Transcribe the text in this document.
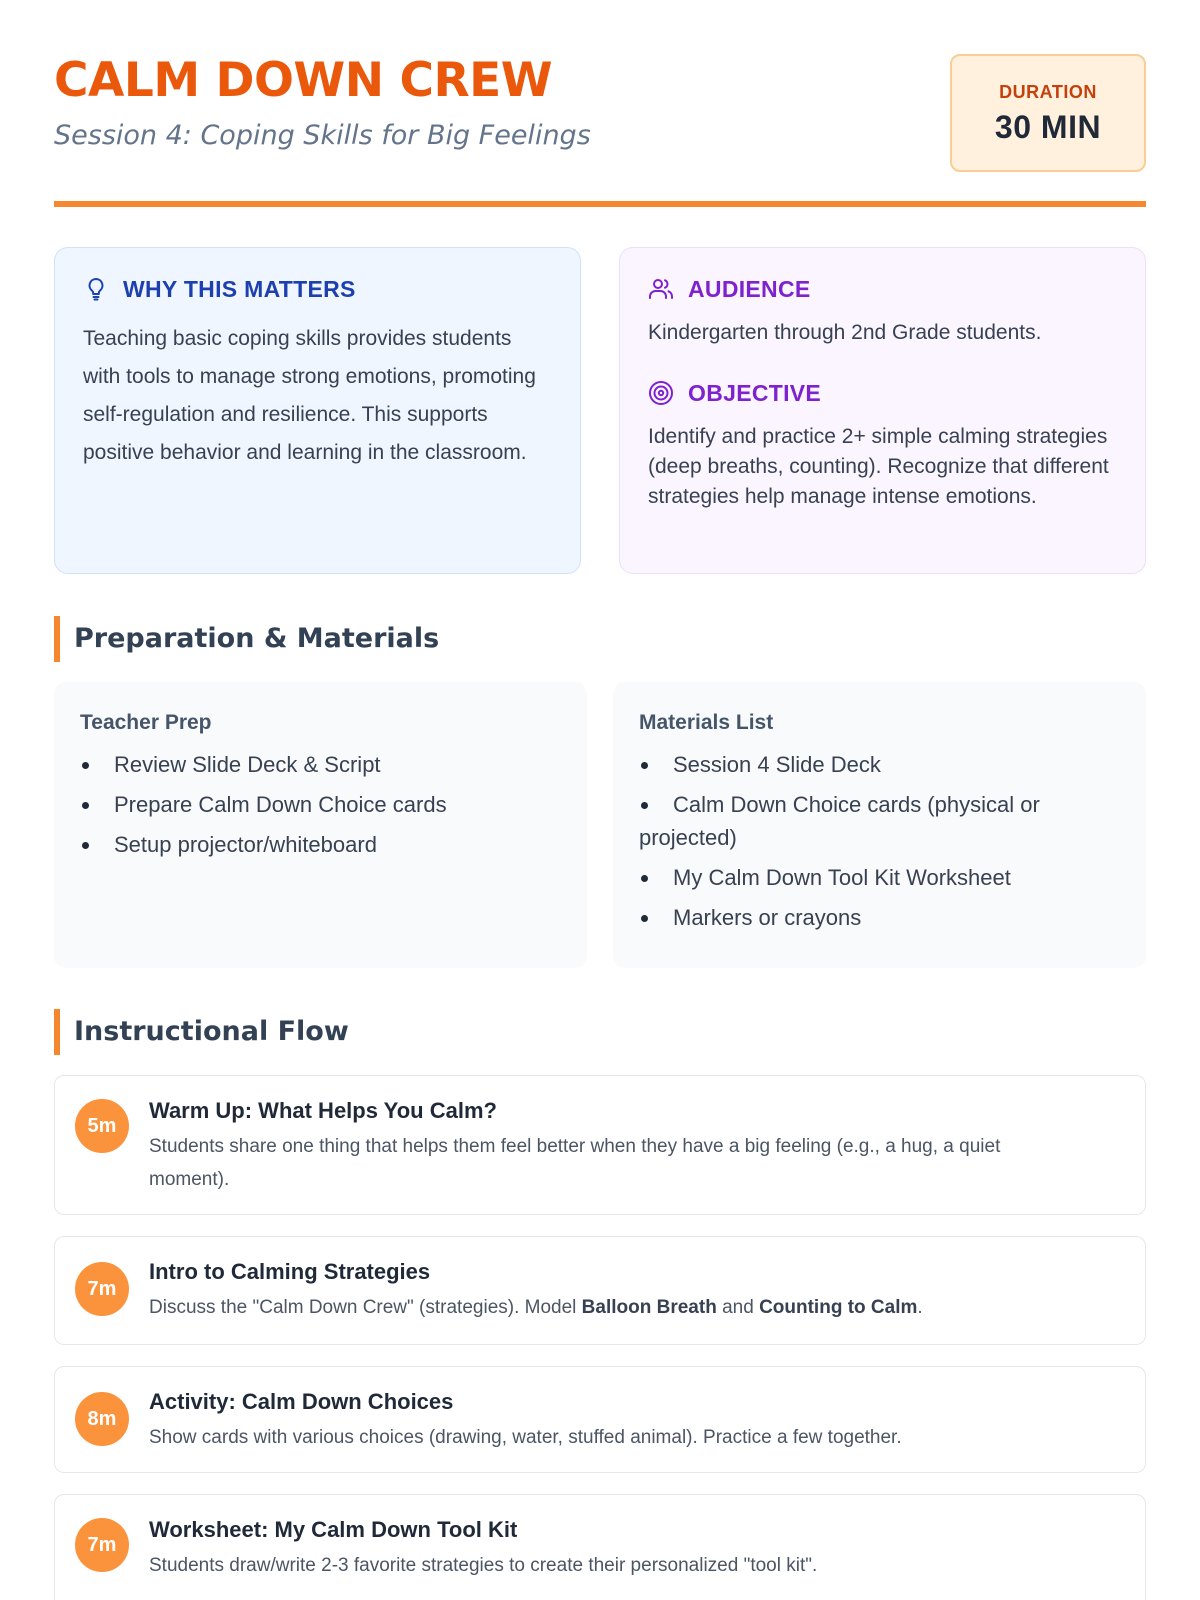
CALM DOWN CREW
Session 4: Coping Skills for Big Feelings
DURATION
30 MIN
WHY THIS MATTERS
Teaching basic coping skills provides students with tools to manage strong emotions, promoting self-regulation and resilience. This supports positive behavior and learning in the classroom.
AUDIENCE
Kindergarten through 2nd Grade students.
OBJECTIVE
Identify and practice 2+ simple calming strategies (deep breaths, counting). Recognize that different strategies help manage intense emotions.
Preparation & Materials
Teacher Prep
Review Slide Deck & Script
Prepare Calm Down Choice cards
Setup projector/whiteboard
Materials List
Session 4 Slide Deck
Calm Down Choice cards (physical or projected)
My Calm Down Tool Kit Worksheet
Markers or crayons
Instructional Flow
5m
Warm Up: What Helps You Calm?
Students share one thing that helps them feel better when they have a big feeling (e.g., a hug, a quiet moment).
7m
Intro to Calming Strategies
Discuss the "Calm Down Crew" (strategies). Model Balloon Breath and Counting to Calm.
8m
Activity: Calm Down Choices
Show cards with various choices (drawing, water, stuffed animal). Practice a few together.
7m
Worksheet: My Calm Down Tool Kit
Students draw/write 2-3 favorite strategies to create their personalized "tool kit".
